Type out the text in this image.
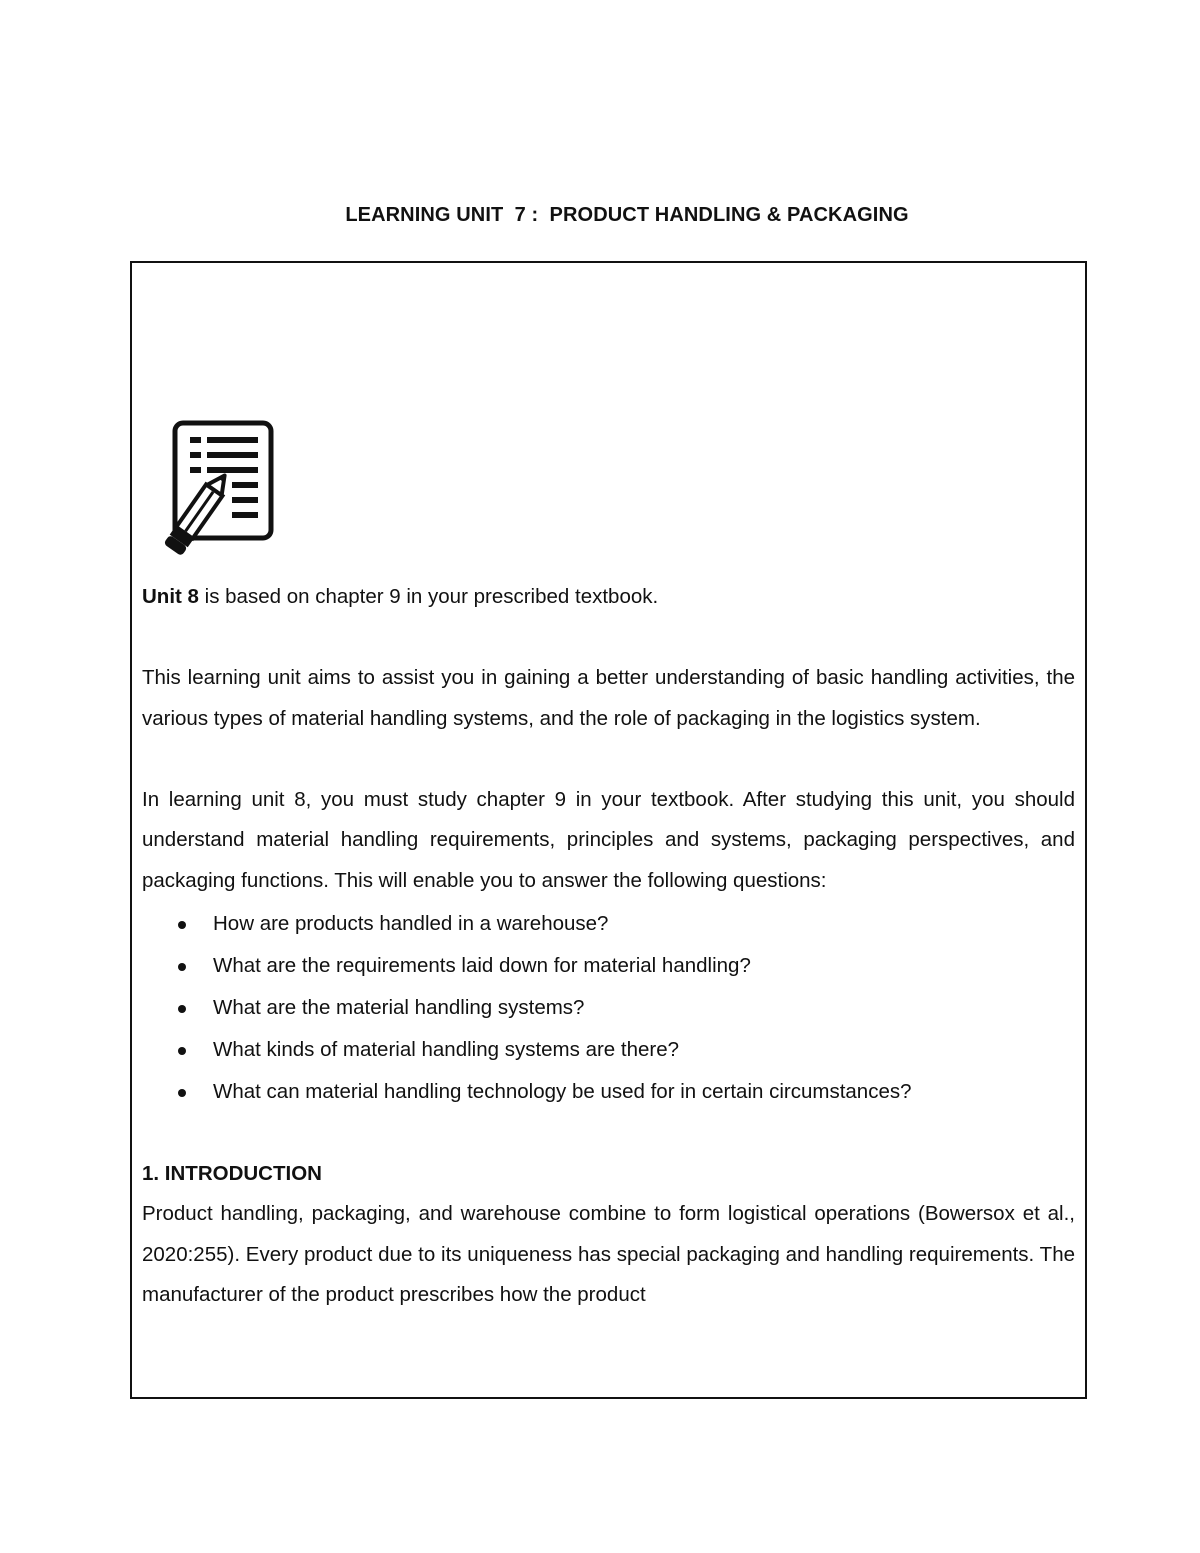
LEARNING UNIT  7 :  PRODUCT HANDLING & PACKAGING

Unit 8 is based on chapter 9 in your prescribed textbook.

This learning unit aims to assist you in gaining a better understanding of basic handling activities, the various types of material handling systems, and the role of packaging in the logistics system.

In learning unit 8, you must study chapter 9 in your textbook. After studying this unit, you should understand material handling requirements, principles and systems, packaging perspectives, and packaging functions. This will enable you to answer the following questions:

How are products handled in a warehouse?
What are the requirements laid down for material handling?
What are the material handling systems?
What kinds of material handling systems are there?
What can material handling technology be used for in certain circumstances?

1. INTRODUCTION

Product handling, packaging, and warehouse combine to form logistical operations (Bowersox et al., 2020:255). Every product due to its uniqueness has special packaging and handling requirements. The manufacturer of the product prescribes how the product
